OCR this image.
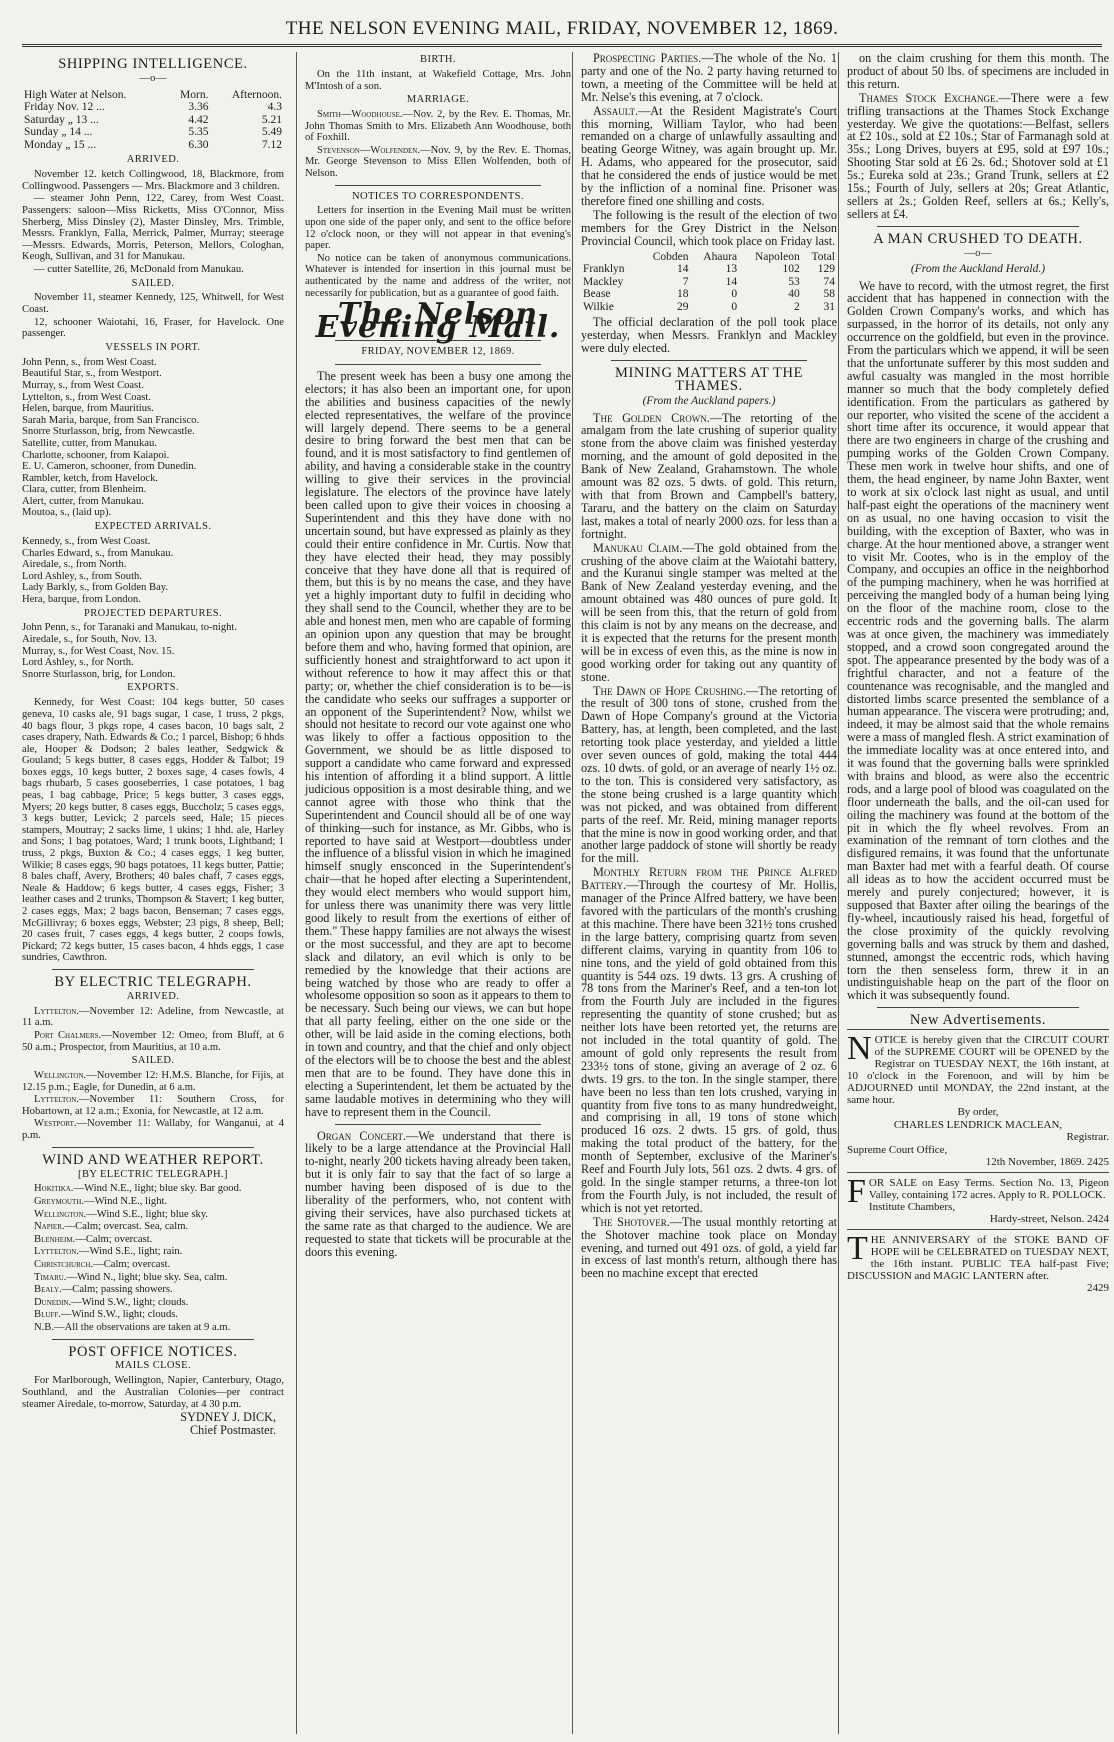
THE NELSON EVENING MAIL, FRIDAY, NOVEMBER 12, 1869.
SHIPPING INTELLIGENCE.
—o—
High Water at Nelson.	Morn.	Afternoon.
Friday Nov. 12 ...	3.36	4.3
Saturday „ 13 ...	4.42	5.21
Sunday „ 14 ...	5.35	5.49
Monday „ 15 ...	6.30	7.12
ARRIVED.
November 12. ketch Collingwood, 18, Blackmore, from Collingwood. Passengers — Mrs. Blackmore and 3 children.
— steamer John Penn, 122, Carey, from West Coast. Passengers: saloon—Miss Ricketts, Miss O'Connor, Miss Sherberg, Miss Dinsley (2), Master Dinsley, Mrs. Trimble, Messrs. Franklyn, Falla, Merrick, Palmer, Murray; steerage—Messrs. Edwards, Morris, Peterson, Mellors, Cologhan, Keogh, Sullivan, and 31 for Manukau.
— cutter Satellite, 26, McDonald from Manukau.
SAILED.
November 11, steamer Kennedy, 125, Whitwell, for West Coast.
12, schooner Waiotahi, 16, Fraser, for Havelock. One passenger.
VESSELS IN PORT.
John Penn, s., from West Coast.
Beautiful Star, s., from Westport.
Murray, s., from West Coast.
Lyttelton, s., from West Coast.
Helen, barque, from Mauritius.
Sarah Maria, barque, from San Francisco.
Snorre Sturlasson, brig, from Newcastle.
Satellite, cutter, from Manukau.
Charlotte, schooner, from Kaiapoi.
E. U. Cameron, schooner, from Dunedin.
Rambler, ketch, from Havelock.
Clara, cutter, from Blenheim.
Alert, cutter, from Manukau.
Moutoa, s., (laid up).
EXPECTED ARRIVALS.
Kennedy, s., from West Coast.
Charles Edward, s., from Manukau.
Airedale, s., from North.
Lord Ashley, s., from South.
Lady Barkly, s., from Golden Bay.
Hera, barque, from London.
PROJECTED DEPARTURES.
John Penn, s., for Taranaki and Manukau, to-night.
Airedale, s., for South, Nov. 13.
Murray, s., for West Coast, Nov. 15.
Lord Ashley, s., for North.
Snorre Sturlasson, brig, for London.
EXPORTS.
Kennedy, for West Coast: 104 kegs butter, 50 cases geneva, 10 casks ale, 91 bags sugar, 1 case, 1 truss, 2 pkgs, 40 bags flour, 3 pkgs rope, 4 cases bacon, 10 bags salt, 2 cases drapery, Nath. Edwards & Co.; 1 parcel, Bishop; 6 hhds ale, Hooper & Dodson; 2 bales leather, Sedgwick & Gouland; 5 kegs butter, 8 cases eggs, Hodder & Talbot; 19 boxes eggs, 10 kegs butter, 2 boxes sage, 4 cases fowls, 4 bags rhubarb, 5 cases gooseberries, 1 case potatoes, 1 bag peas, 1 bag cabbage, Price; 5 kegs butter, 3 cases eggs, Myers; 20 kegs butter, 8 cases eggs, Buccholz; 5 cases eggs, 3 kegs butter, Levick; 2 parcels seed, Hale; 15 pieces stampers, Moutray; 2 sacks lime, 1 ukins; 1 hhd. ale, Harley and Sons; 1 bag potatoes, Ward; 1 trunk boots, Lightband; 1 truss, 2 pkgs, Buxton & Co.; 4 cases eggs, 1 keg butter, Wilkie; 8 cases eggs, 90 bags potatoes, 11 kegs butter, Pattie; 8 bales chaff, Avery, Brothers; 40 bales chaff, 7 cases eggs, Neale & Haddow; 6 kegs butter, 4 cases eggs, Fisher; 3 leather cases and 2 trunks, Thompson & Stavert; 1 keg butter, 2 cases eggs, Max; 2 bags bacon, Benseman; 7 cases eggs, McGillivray; 6 boxes eggs, Webster; 23 pigs, 8 sheep, Bell; 20 cases fruit, 7 cases eggs, 4 kegs butter, 2 coops fowls, Pickard; 72 kegs butter, 15 cases bacon, 4 hhds eggs, 1 case sundries, Cawthron.
BY ELECTRIC TELEGRAPH.
ARRIVED.
Lyttelton.—November 12: Adeline, from Newcastle, at 11 a.m.
Port Chalmers.—November 12: Omeo, from Bluff, at 6 50 a.m.; Prospector, from Mauritius, at 10 a.m.
SAILED.
Wellington.—November 12: H.M.S. Blanche, for Fijis, at 12.15 p.m.; Eagle, for Dunedin, at 6 a.m.
Lyttelton.—November 11: Southern Cross, for Hobartown, at 12 a.m.; Exonia, for Newcastle, at 12 a.m.
Westport.—November 11: Wallaby, for Wanganui, at 4 p.m.
WIND AND WEATHER REPORT.
[BY ELECTRIC TELEGRAPH.]
Hokitika.—Wind N.E., light; blue sky. Bar good.
Greymouth.—Wind N.E., light.
Wellington.—Wind S.E., light; blue sky.
Napier.—Calm; overcast. Sea, calm.
Blenheim.—Calm; overcast.
Lyttelton.—Wind S.E., light; rain.
Christchurch.—Calm; overcast.
Timaru.—Wind N., light; blue sky. Sea, calm.
Bealy.—Calm; passing showers.
Dunedin.—Wind S.W., light; clouds.
Bluff.—Wind S.W., light; clouds.
N.B.—All the observations are taken at 9 a.m.
POST OFFICE NOTICES.
MAILS CLOSE.
For Marlborough, Wellington, Napier, Canterbury, Otago, Southland, and the Australian Colonies—per contract steamer Airedale, to-morrow, Saturday, at 4 30 p.m.
SYDNEY J. DICK,
Chief Postmaster.
BIRTH.
On the 11th instant, at Wakefield Cottage, Mrs. John M'Intosh of a son.
MARRIAGE.
Smith—Woodhouse.—Nov. 2, by the Rev. E. Thomas, Mr. John Thomas Smith to Mrs. Elizabeth Ann Woodhouse, both of Foxhill.
Stevenson—Wolfenden.—Nov. 9, by the Rev. E. Thomas, Mr. George Stevenson to Miss Ellen Wolfenden, both of Nelson.
NOTICES TO CORRESPONDENTS.
Letters for insertion in the Evening Mail must be written upon one side of the paper only, and sent to the office before 12 o'clock noon, or they will not appear in that evening's paper.
No notice can be taken of anonymous communications. Whatever is intended for insertion in this journal must be authenticated by the name and address of the writer, not necessarily for publication, but as a guarantee of good faith.
The Nelson Evening Mail.
FRIDAY, NOVEMBER 12, 1869.
The present week has been a busy one among the electors; it has also been an important one, for upon the abilities and business capacities of the newly elected representatives, the welfare of the province will largely depend. There seems to be a general desire to bring forward the best men that can be found, and it is most satisfactory to find gentlemen of ability, and having a considerable stake in the country willing to give their services in the provincial legislature. The electors of the province have lately been called upon to give their voices in choosing a Superintendent and this they have done with no uncertain sound, but have expressed as plainly as they could their entire confidence in Mr. Curtis. Now that they have elected their head, they may possibly conceive that they have done all that is required of them, but this is by no means the case, and they have yet a highly important duty to fulfil in deciding who they shall send to the Council, whether they are to be able and honest men, men who are capable of forming an opinion upon any question that may be brought before them and who, having formed that opinion, are sufficiently honest and straightforward to act upon it without reference to how it may affect this or that party; or, whether the chief consideration is to be—is the candidate who seeks our suffrages a supporter or an opponent of the Superintendent? Now, whilst we should not hesitate to record our vote against one who was likely to offer a factious opposition to the Government, we should be as little disposed to support a candidate who came forward and expressed his intention of affording it a blind support. A little judicious opposition is a most desirable thing, and we cannot agree with those who think that the Superintendent and Council should all be of one way of thinking—such for instance, as Mr. Gibbs, who is reported to have said at Westport—doubtless under the influence of a blissful vision in which he imagined himself snugly ensconced in the Superintendent's chair—that he hoped after electing a Superintendent, they would elect members who would support him, for unless there was unanimity there was very little good likely to result from the exertions of either of them." These happy families are not always the wisest or the most successful, and they are apt to become slack and dilatory, an evil which is only to be remedied by the knowledge that their actions are being watched by those who are ready to offer a wholesome opposition so soon as it appears to them to be necessary. Such being our views, we can but hope that all party feeling, either on the one side or the other, will be laid aside in the coming elections, both in town and country, and that the chief and only object of the electors will be to choose the best and the ablest men that are to be found. They have done this in electing a Superintendent, let them be actuated by the same laudable motives in determining who they will have to represent them in the Council.
Organ Concert.—We understand that there is likely to be a large attendance at the Provincial Hall to-night, nearly 200 tickets having already been taken, but it is only fair to say that the fact of so large a number having been disposed of is due to the liberality of the performers, who, not content with giving their services, have also purchased tickets at the same rate as that charged to the audience. We are requested to state that tickets will be procurable at the doors this evening.
Prospecting Parties.—The whole of the No. 1 party and one of the No. 2 party having returned to town, a meeting of the Committee will be held at Mr. Nelse's this evening, at 7 o'clock.
Assault.—At the Resident Magistrate's Court this morning, William Taylor, who had been remanded on a charge of unlawfully assaulting and beating George Witney, was again brought up. Mr. H. Adams, who appeared for the prosecutor, said that he considered the ends of justice would be met by the infliction of a nominal fine. Prisoner was therefore fined one shilling and costs.
The following is the result of the election of two members for the Grey District in the Nelson Provincial Council, which took place on Friday last.
	Cobden	Ahaura	Napoleon	Total
Franklyn	14	13	102	129
Mackley	7	14	53	74
Bease	18	0	40	58
Wilkie	29	0	2	31
The official declaration of the poll took place yesterday, when Messrs. Franklyn and Mackley were duly elected.
MINING MATTERS AT THE THAMES.
(From the Auckland papers.)
The Golden Crown.—The retorting of the amalgam from the late crushing of superior quality stone from the above claim was finished yesterday morning, and the amount of gold deposited in the Bank of New Zealand, Grahamstown. The whole amount was 82 ozs. 5 dwts. of gold. This return, with that from Brown and Campbell's battery, Tararu, and the battery on the claim on Saturday last, makes a total of nearly 2000 ozs. for less than a fortnight.
Manukau Claim.—The gold obtained from the crushing of the above claim at the Waiotahi battery, and the Kuranui single stamper was melted at the Bank of New Zealand yesterday evening, and the amount obtained was 480 ounces of pure gold. It will be seen from this, that the return of gold from this claim is not by any means on the decrease, and it is expected that the returns for the present month will be in excess of even this, as the mine is now in good working order for taking out any quantity of stone.
The Dawn of Hope Crushing.—The retorting of the result of 300 tons of stone, crushed from the Dawn of Hope Company's ground at the Victoria Battery, has, at length, been completed, and the last retorting took place yesterday, and yielded a little over seven ounces of gold, making the total 444 ozs. 10 dwts. of gold, or an average of nearly 1½ oz. to the ton. This is considered very satisfactory, as the stone being crushed is a large quantity which was not picked, and was obtained from different parts of the reef. Mr. Reid, mining manager reports that the mine is now in good working order, and that another large paddock of stone will shortly be ready for the mill.
Monthly Return from the Prince Alfred Battery.—Through the courtesy of Mr. Hollis, manager of the Prince Alfred battery, we have been favored with the particulars of the month's crushing at this machine. There have been 321½ tons crushed in the large battery, comprising quartz from seven different claims, varying in quantity from 106 to nine tons, and the yield of gold obtained from this quantity is 544 ozs. 19 dwts. 13 grs. A crushing of 78 tons from the Mariner's Reef, and a ten-ton lot from the Fourth July are included in the figures representing the quantity of stone crushed; but as neither lots have been retorted yet, the returns are not included in the total quantity of gold. The amount of gold only represents the result from 233½ tons of stone, giving an average of 2 oz. 6 dwts. 19 grs. to the ton. In the single stamper, there have been no less than ten lots crushed, varying in quantity from five tons to as many hundredweight, and comprising in all, 19 tons of stone which produced 16 ozs. 2 dwts. 15 grs. of gold, thus making the total product of the battery, for the month of September, exclusive of the Mariner's Reef and Fourth July lots, 561 ozs. 2 dwts. 4 grs. of gold. In the single stamper returns, a three-ton lot from the Fourth July, is not included, the result of which is not yet retorted.
The Shotover.—The usual monthly retorting at the Shotover machine took place on Monday evening, and turned out 491 ozs. of gold, a yield far in excess of last month's return, although there has been no machine except that erected
on the claim crushing for them this month. The product of about 50 lbs. of specimens are included in this return.
Thames Stock Exchange.—There were a few trifling transactions at the Thames Stock Exchange yesterday. We give the quotations:—Belfast, sellers at £2 10s., sold at £2 10s.; Star of Farmanagh sold at 35s.; Long Drives, buyers at £95, sold at £97 10s.; Shooting Star sold at £6 2s. 6d.; Shotover sold at £1 5s.; Eureka sold at 23s.; Grand Trunk, sellers at £2 15s.; Fourth of July, sellers at 20s; Great Atlantic, sellers at 2s.; Golden Reef, sellers at 6s.; Kelly's, sellers at £4.
A MAN CRUSHED TO DEATH.
—o—
(From the Auckland Herald.)
We have to record, with the utmost regret, the first accident that has happened in connection with the Golden Crown Company's works, and which has surpassed, in the horror of its details, not only any occurrence on the goldfield, but even in the province. From the particulars which we append, it will be seen that the unfortunate sufferer by this most sudden and awful casualty was mangled in the most horrible manner so much that the body completely defied identification. From the particulars as gathered by our reporter, who visited the scene of the accident a short time after its occurence, it would appear that there are two engineers in charge of the crushing and pumping works of the Golden Crown Company. These men work in twelve hour shifts, and one of them, the head engineer, by name John Baxter, went to work at six o'clock last night as usual, and until half-past eight the operations of the macninery went on as usual, no one having occasion to visit the building, with the exception of Baxter, who was in charge. At the hour mentioned above, a stranger went to visit Mr. Cootes, who is in the employ of the Company, and occupies an office in the neighborhod of the pumping machinery, when he was horrified at perceiving the mangled body of a human being lying on the floor of the machine room, close to the eccentric rods and the governing balls. The alarm was at once given, the machinery was immediately stopped, and a crowd soon congregated around the spot. The appearance presented by the body was of a frightful character, and not a feature of the countenance was recognisable, and the mangled and distorted limbs scarce presented the semblance of a human appearance. The viscera were protruding; and, indeed, it may be almost said that the whole remains were a mass of mangled flesh. A strict examination of the immediate locality was at once entered into, and it was found that the governing balls were sprinkled with brains and blood, as were also the eccentric rods, and a large pool of blood was coagulated on the floor underneath the balls, and the oil-can used for oiling the machinery was found at the bottom of the pit in which the fly wheel revolves. From an examination of the remnant of torn clothes and the disfigured remains, it was found that the unfortunate man Baxter had met with a fearful death. Of course all ideas as to how the accident occurred must be merely and purely conjectured; however, it is supposed that Baxter after oiling the bearings of the fly-wheel, incautiously raised his head, forgetful of the close proximity of the quickly revolving governing balls and was struck by them and dashed, stunned, amongst the eccentric rods, which having torn the then senseless form, threw it in an undistinguishable heap on the part of the floor on which it was subsequently found.
New Advertisements.
NOTICE is hereby given that the CIRCUIT COURT of the SUPREME COURT will be OPENED by the Registrar on TUESDAY NEXT, the 16th instant, at 10 o'clock in the Forenoon, and will by him be ADJOURNED until MONDAY, the 22nd instant, at the same hour.
By order,
CHARLES LENDRICK MACLEAN,
Registrar.
Supreme Court Office,
12th November, 1869. 2425
FOR SALE on Easy Terms. Section No. 13, Pigeon Valley, containing 172 acres. Apply to R. POLLOCK.
Institute Chambers,
Hardy-street, Nelson. 2424
THE ANNIVERSARY of the STOKE BAND OF HOPE will be CELEBRATED on TUESDAY NEXT, the 16th instant. PUBLIC TEA half-past Five; DISCUSSION and MAGIC LANTERN after.
2429
